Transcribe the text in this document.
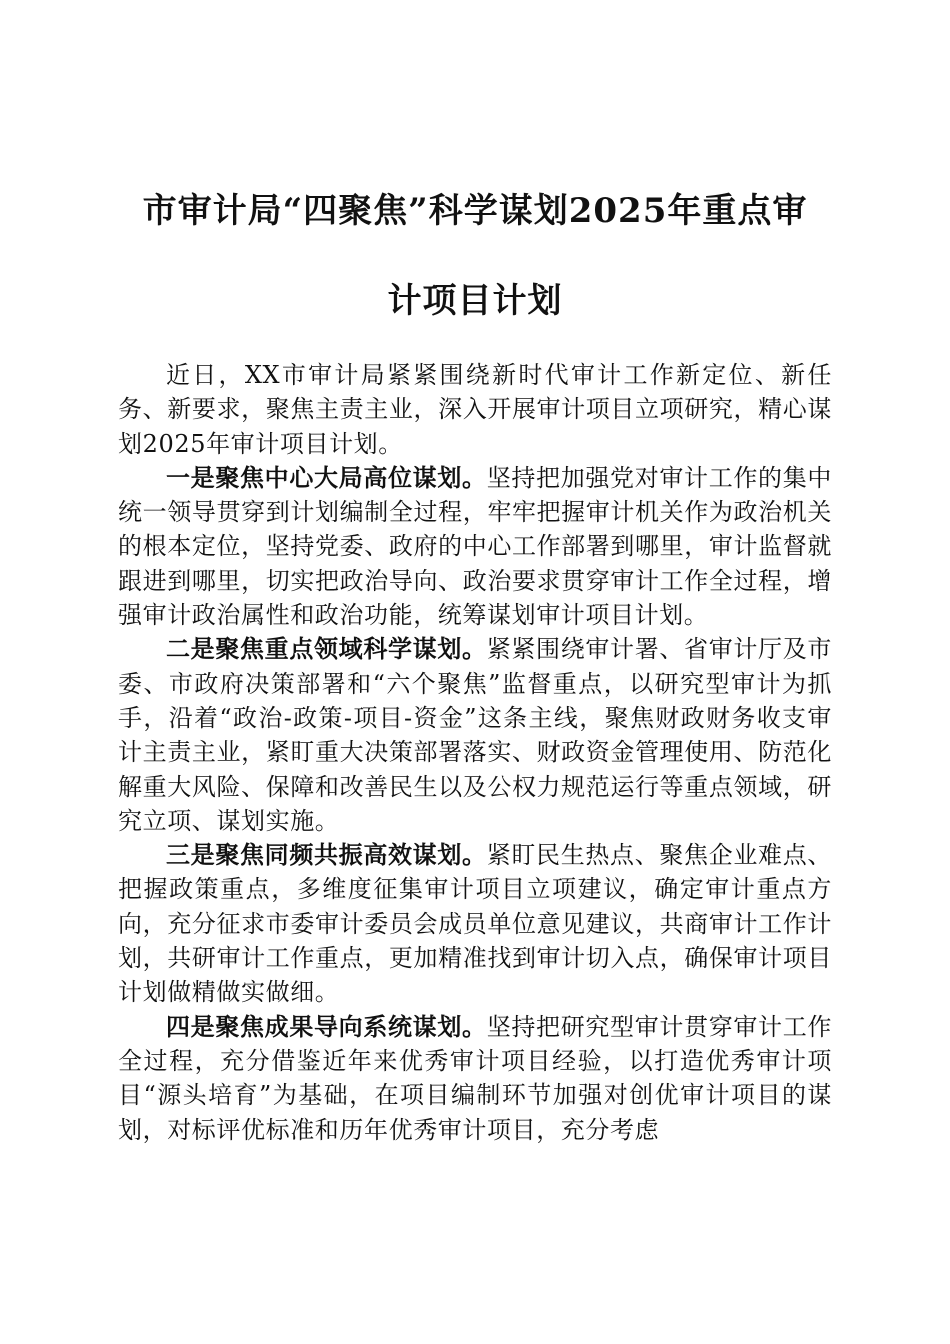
市审计局“四聚焦”科学谋划2025年重点审
计项目计划

近日，XX市审计局紧紧围绕新时代审计工作新定位、新任务、新要求，聚焦主责主业，深入开展审计项目立项研究，精心谋划2025年审计项目计划。

一是聚焦中心大局高位谋划。坚持把加强党对审计工作的集中统一领导贯穿到计划编制全过程，牢牢把握审计机关作为政治机关的根本定位，坚持党委、政府的中心工作部署到哪里，审计监督就跟进到哪里，切实把政治导向、政治要求贯穿审计工作全过程，增强审计政治属性和政治功能，统筹谋划审计项目计划。

二是聚焦重点领域科学谋划。紧紧围绕审计署、省审计厅及市委、市政府决策部署和“六个聚焦”监督重点，以研究型审计为抓手，沿着“政治-政策-项目-资金”这条主线，聚焦财政财务收支审计主责主业，紧盯重大决策部署落实、财政资金管理使用、防范化解重大风险、保障和改善民生以及公权力规范运行等重点领域，研究立项、谋划实施。

三是聚焦同频共振高效谋划。紧盯民生热点、聚焦企业难点、把握政策重点，多维度征集审计项目立项建议，确定审计重点方向，充分征求市委审计委员会成员单位意见建议，共商审计工作计划，共研审计工作重点，更加精准找到审计切入点，确保审计项目计划做精做实做细。

四是聚焦成果导向系统谋划。坚持把研究型审计贯穿审计工作全过程，充分借鉴近年来优秀审计项目经验，以打造优秀审计项目“源头培育”为基础，在项目编制环节加强对创优审计项目的谋划，对标评优标准和历年优秀审计项目，充分考虑
